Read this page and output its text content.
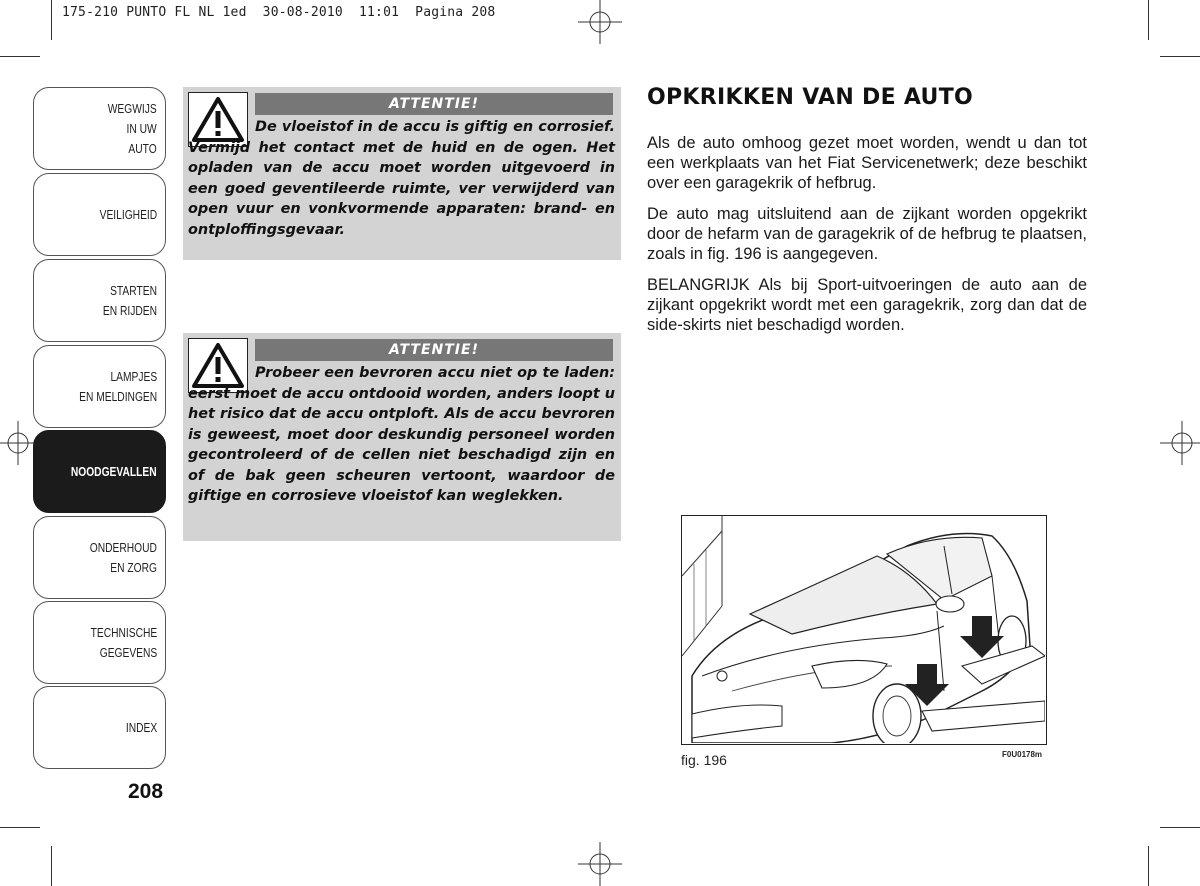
175-210 PUNTO FL NL 1ed  30-08-2010  11:01  Pagina 208
WEGWIJS
IN UW
AUTO
VEILIGHEID
STARTEN
EN RIJDEN
LAMPJES
EN MELDINGEN
NOODGEVALLEN
ONDERHOUD
EN ZORG
TECHNISCHE
GEGEVENS
INDEX
208
ATTENTIE!
De vloeistof in de accu is giftig en corrosief. Vermijd het contact met de huid en de ogen. Het opladen van de accu moet worden uitgevoerd in een goed geventileerde ruimte, ver verwijderd van open vuur en vonkvormende apparaten: brand- en ontploffingsgevaar.
ATTENTIE!
Probeer een bevroren accu niet op te laden: eerst moet de accu ontdooid worden, anders loopt u het risico dat de accu ontploft. Als de accu bevroren is geweest, moet door deskundig personeel worden gecontroleerd of de cellen niet beschadigd zijn en of de bak geen scheuren vertoont, waardoor de giftige en corrosieve vloeistof kan weglekken.
OPKRIKKEN VAN DE AUTO
Als de auto omhoog gezet moet worden, wendt u dan tot een werkplaats van het Fiat Servicenetwerk; deze beschikt over een garagekrik of hefbrug.
De auto mag uitsluitend aan de zijkant worden opgekrikt door de hefarm van de garagekrik of de hefbrug te plaatsen, zoals in fig. 196 is aangegeven.
BELANGRIJK Als bij Sport-uitvoeringen de auto aan de zijkant opgekrikt wordt met een garagekrik, zorg dan dat de side-skirts niet beschadigd worden.
fig. 196	F0U0178m
